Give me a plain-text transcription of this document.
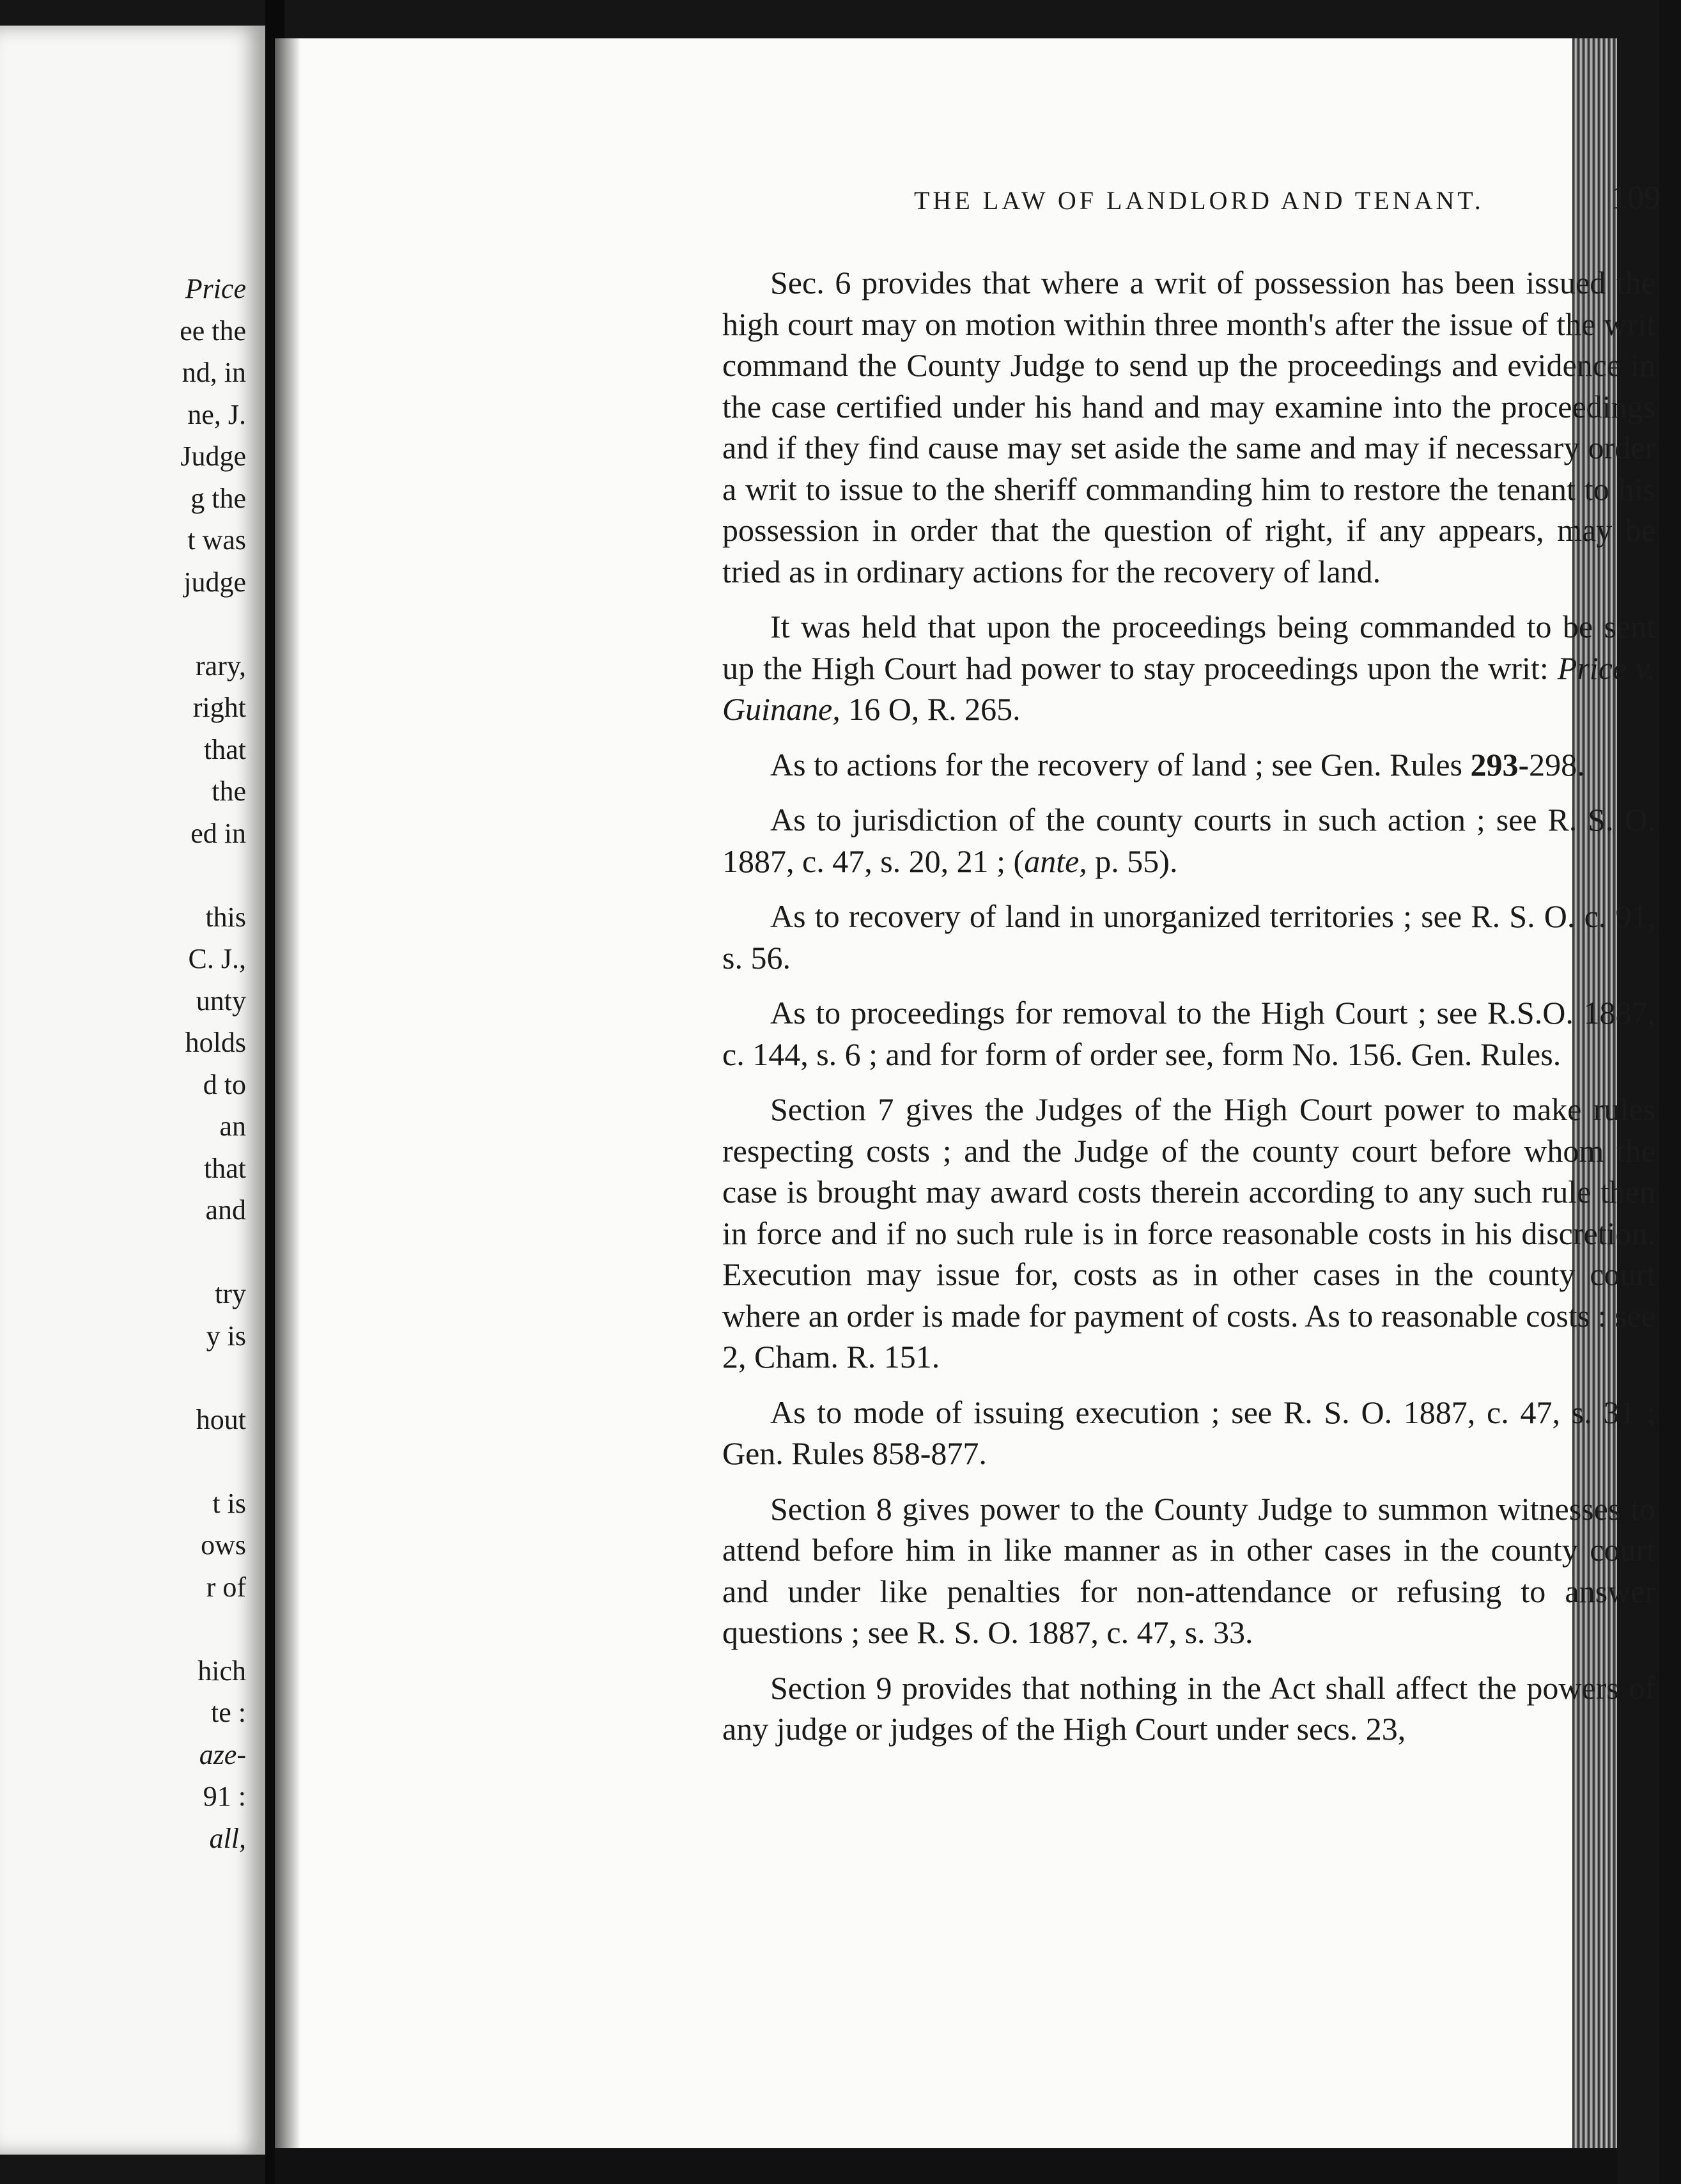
Price
ee the
nd, in
ne, J.
Judge
g the
t was
judge
rary,
right
that
the
ed in
this
C. J.,
unty
holds
d to
an
that
and
try
y is
hout
t is
ows
r of
hich
te :
aze-
91 :
all,
THE LAW OF LANDLORD AND TENANT.	109

Sec. 6 provides that where a writ of possession has been issued the high court may on motion within three month's after the issue of the writ command the County Judge to send up the proceedings and evidence in the case certified under his hand and may examine into the proceedings and if they find cause may set aside the same and may if necessary order a writ to issue to the sheriff commanding him to restore the tenant to his possession in order that the question of right, if any appears, may be tried as in ordinary actions for the recovery of land.

It was held that upon the proceedings being commanded to be sent up the High Court had power to stay proceedings upon the writ: Price v. Guinane, 16 O, R. 265.

As to actions for the recovery of land ; see Gen. Rules 293-298.

As to jurisdiction of the county courts in such action ; see R. S. O. 1887, c. 47, s. 20, 21 ; (ante, p. 55).

As to recovery of land in unorganized territories ; see R. S. O. c. 91, s. 56.

As to proceedings for removal to the High Court ; see R.S.O. 1887, c. 144, s. 6 ; and for form of order see, form No. 156. Gen. Rules.

Section 7 gives the Judges of the High Court power to make rules respecting costs ; and the Judge of the county court before whom the case is brought may award costs therein according to any such rule then in force and if no such rule is in force reasonable costs in his discretion. Execution may issue for, costs as in other cases in the county court where an order is made for payment of costs. As to reasonable costs : see 2, Cham. R. 151.

As to mode of issuing execution ; see R. S. O. 1887, c. 47, s. 31 ; Gen. Rules 858-877.

Section 8 gives power to the County Judge to summon witnesses to attend before him in like manner as in other cases in the county court and under like penalties for non-attendance or refusing to answer questions ; see R. S. O. 1887, c. 47, s. 33.

Section 9 provides that nothing in the Act shall affect the powers of any judge or judges of the High Court under secs. 23,
